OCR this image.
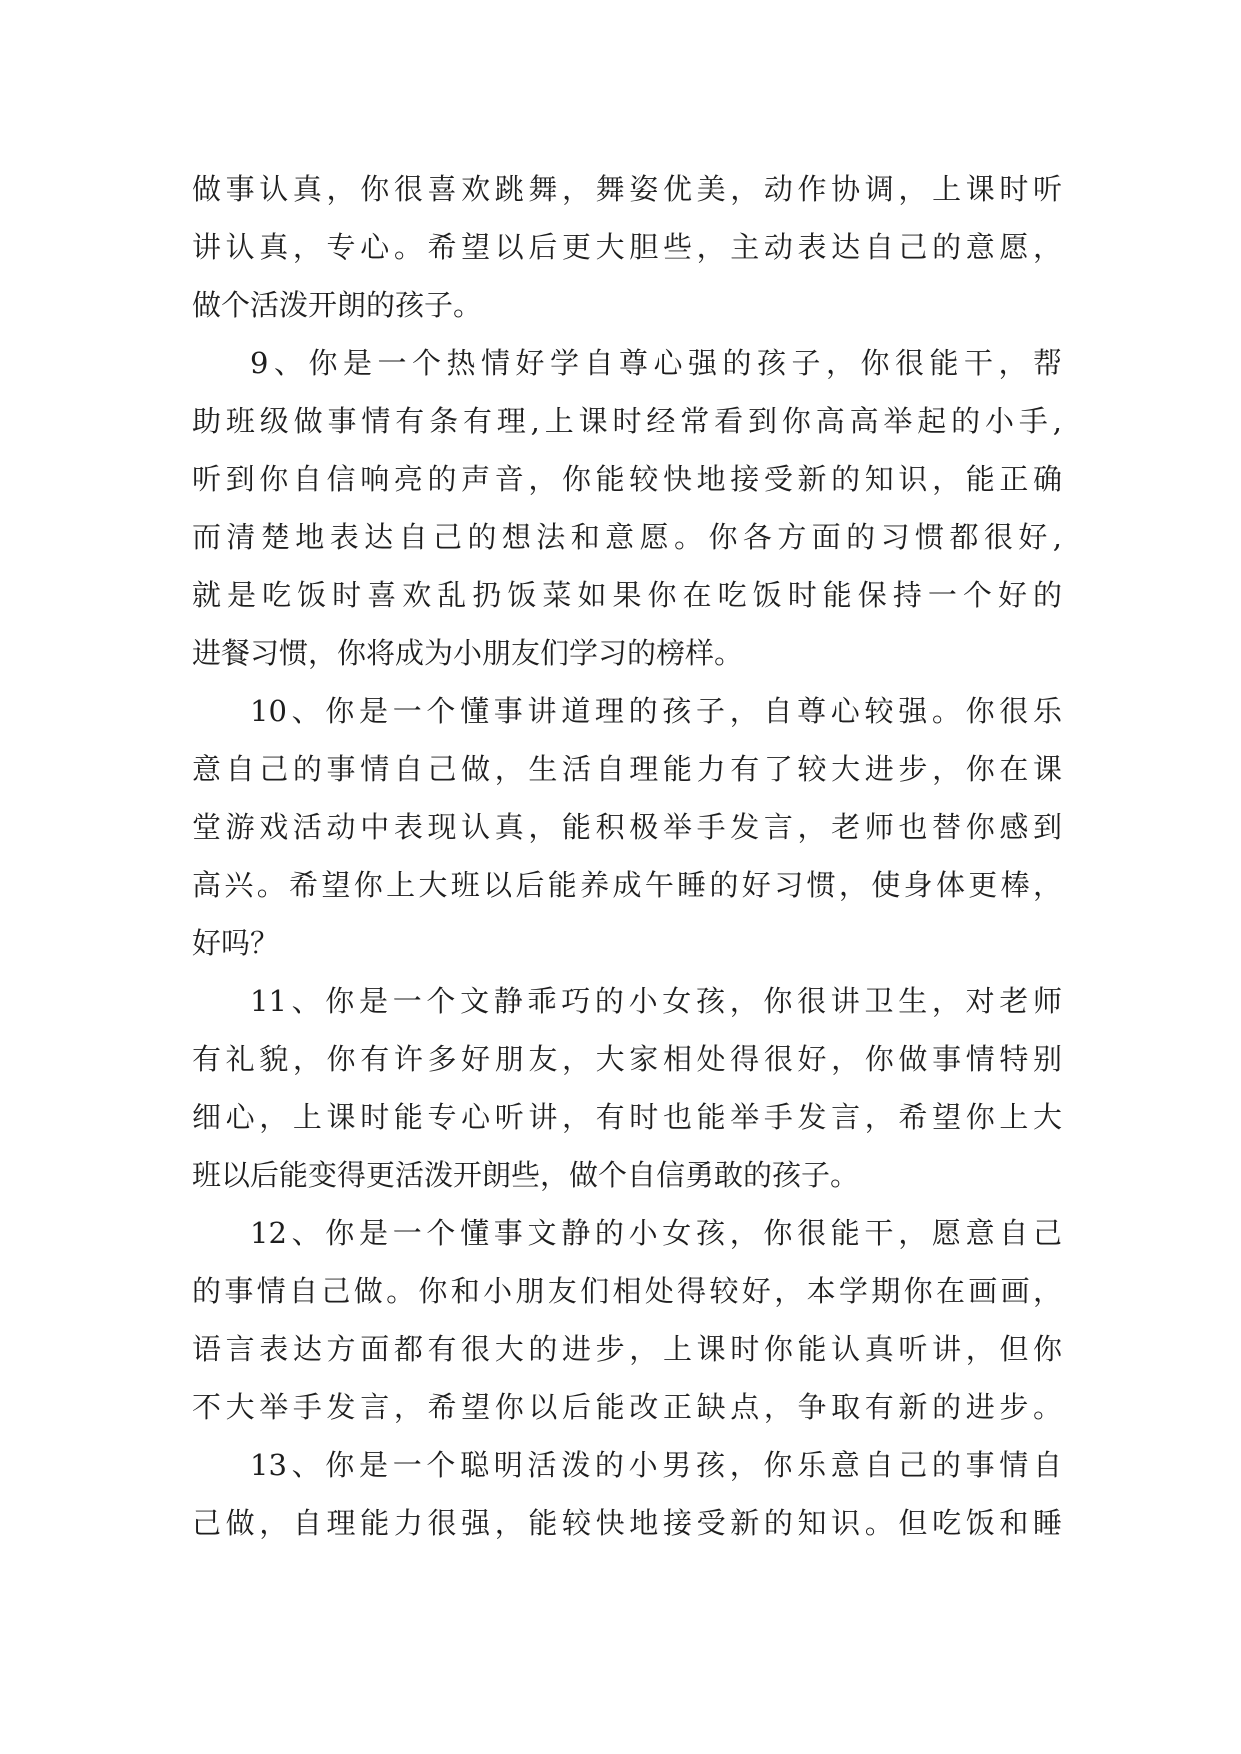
做事认真，你很喜欢跳舞，舞姿优美，动作协调，上课时听
讲认真，专心。希望以后更大胆些，主动表达自己的意愿，
做个活泼开朗的孩子。
9、你是一个热情好学自尊心强的孩子，你很能干，帮
助班级做事情有条有理,上课时经常看到你高高举起的小手,
听到你自信响亮的声音，你能较快地接受新的知识，能正确
而清楚地表达自己的想法和意愿。你各方面的习惯都很好,
就是吃饭时喜欢乱扔饭菜如果你在吃饭时能保持一个好的
进餐习惯，你将成为小朋友们学习的榜样。
10、你是一个懂事讲道理的孩子，自尊心较强。你很乐
意自己的事情自己做，生活自理能力有了较大进步，你在课
堂游戏活动中表现认真，能积极举手发言，老师也替你感到
高兴。希望你上大班以后能养成午睡的好习惯，使身体更棒，
好吗？
11、你是一个文静乖巧的小女孩，你很讲卫生，对老师
有礼貌，你有许多好朋友，大家相处得很好，你做事情特别
细心，上课时能专心听讲，有时也能举手发言，希望你上大
班以后能变得更活泼开朗些，做个自信勇敢的孩子。
12、你是一个懂事文静的小女孩，你很能干，愿意自己
的事情自己做。你和小朋友们相处得较好，本学期你在画画，
语言表达方面都有很大的进步，上课时你能认真听讲，但你
不大举手发言，希望你以后能改正缺点，争取有新的进步。
13、你是一个聪明活泼的小男孩，你乐意自己的事情自
己做，自理能力很强，能较快地接受新的知识。但吃饭和睡
